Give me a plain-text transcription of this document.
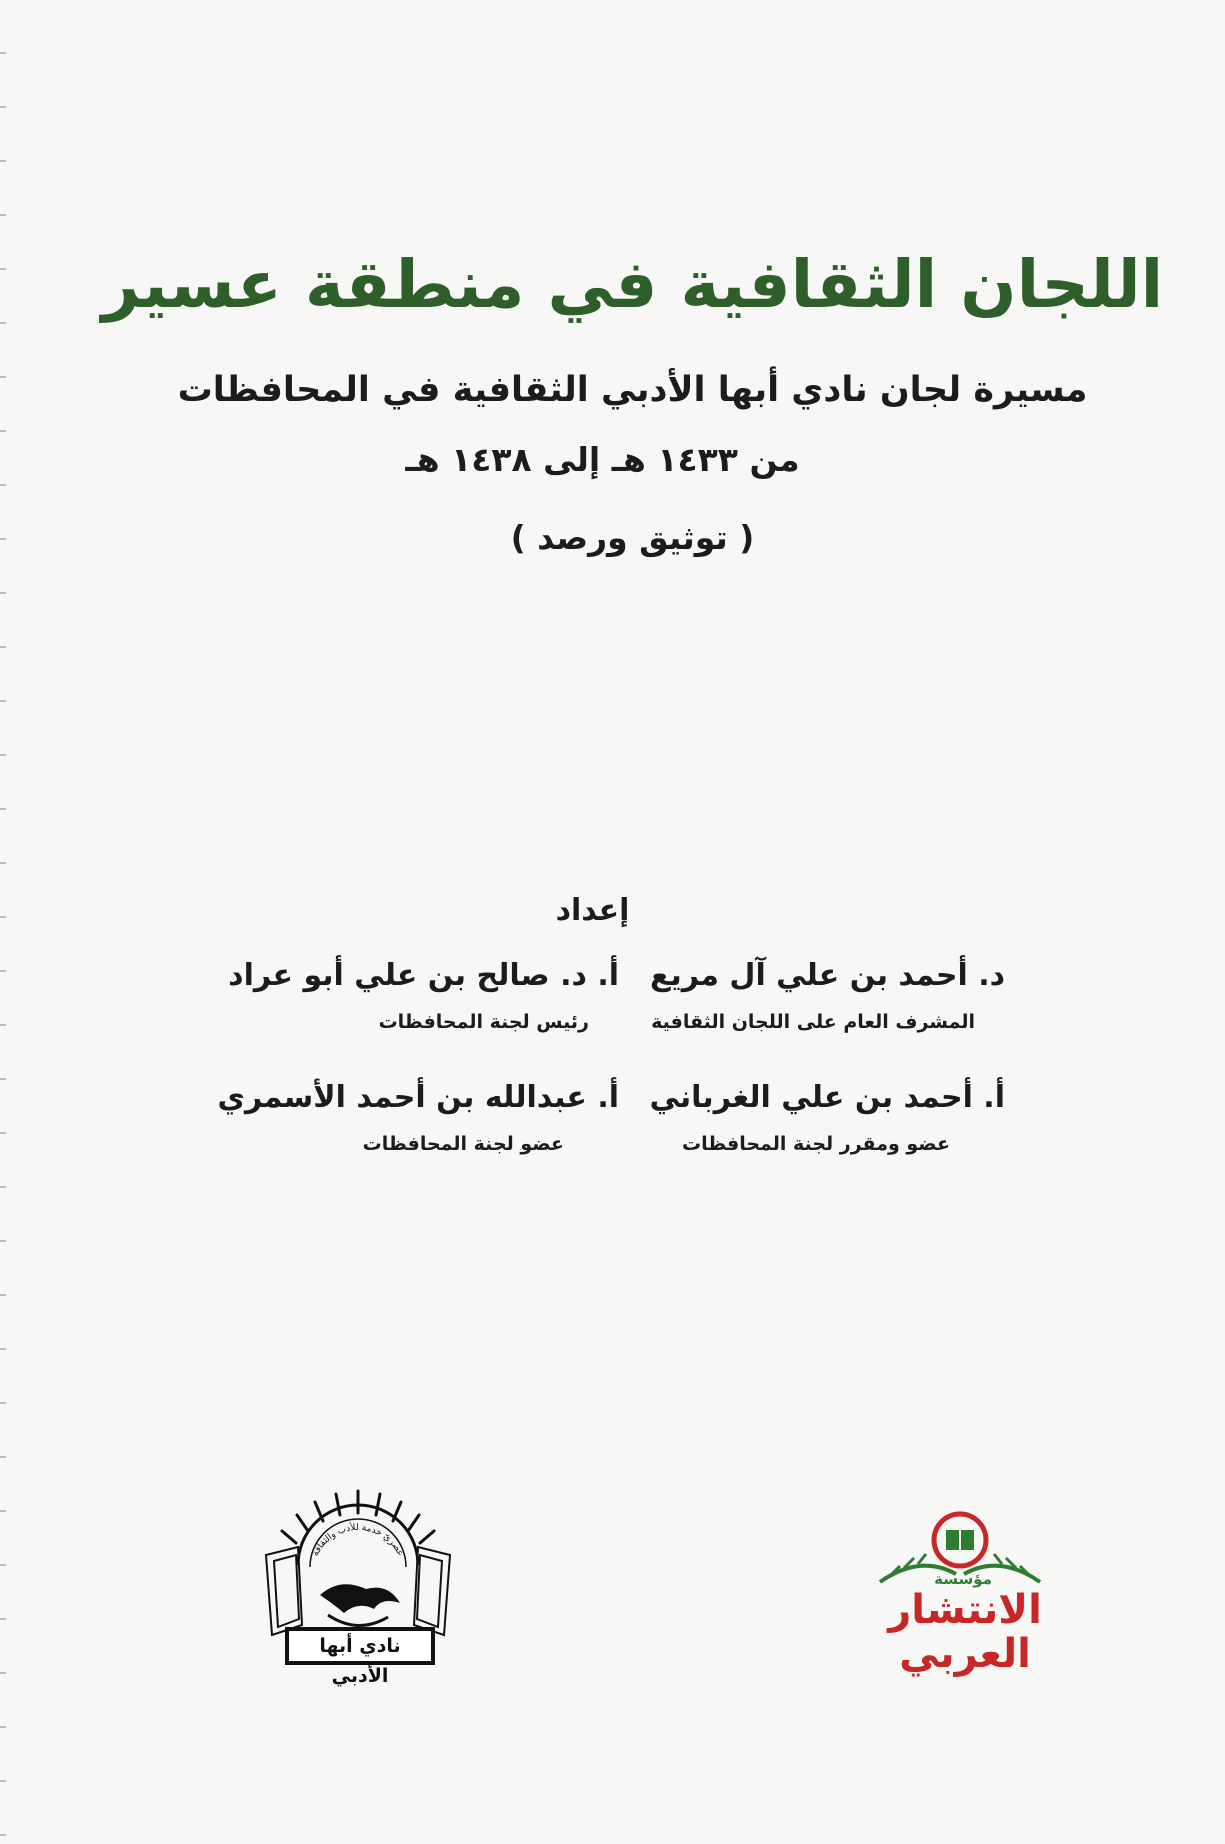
اللجان الثقافية في منطقة عسير
مسيرة لجان نادي أبها الأدبي الثقافية في المحافظات
من ١٤٣٣ هـ إلى ١٤٣٨ هـ
( توثيق ورصد )
إعداد
د. أحمد بن علي آل مريع
المشرف العام على اللجان الثقافية
أ. د. صالح بن علي أبو عراد
رئيس لجنة المحافظات
أ. أحمد بن علي الغرباني
عضو ومقرر لجنة المحافظات
أ. عبدالله بن أحمد الأسمري
عضو لجنة المحافظات
عصريّ خدمة للأدب والثقافة
نادي أبها الأدبي
مؤسسة
الانتشار العربي
